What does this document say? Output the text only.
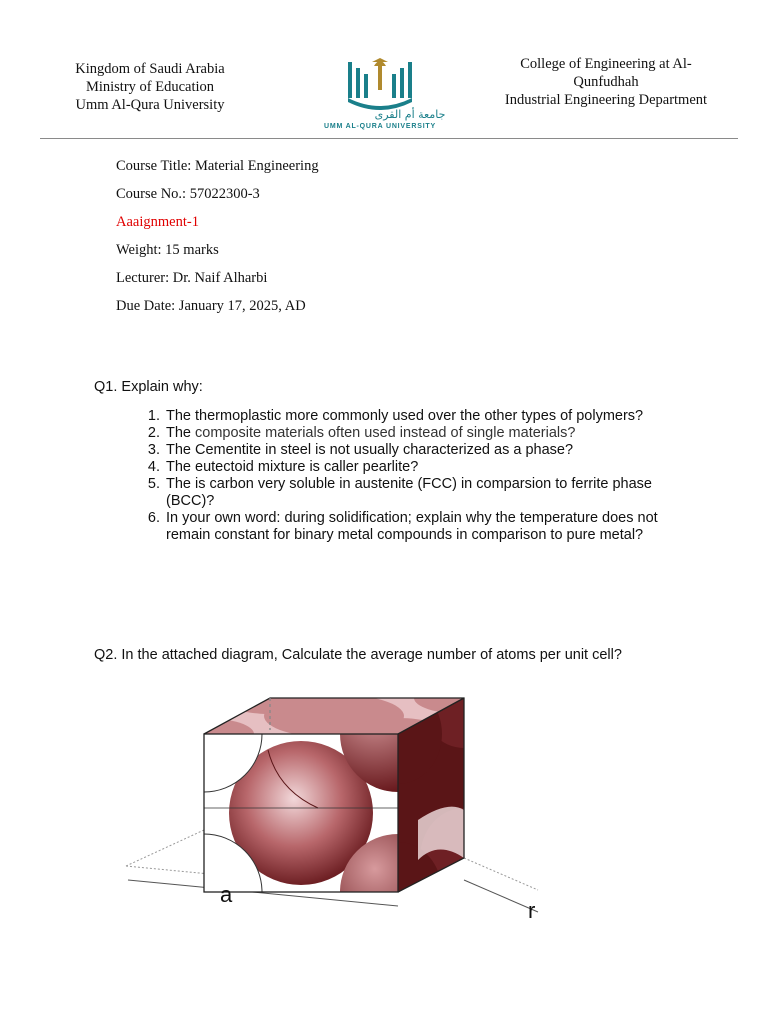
Kingdom of Saudi Arabia
Ministry of Education
Umm Al-Qura University
جامعة أم القرى
UMM AL-QURA UNIVERSITY
College of Engineering at Al-
Qunfudhah
Industrial Engineering Department
Course Title: Material Engineering
Course No.: 57022300-3
Aaaignment-1
Weight: 15 marks
Lecturer: Dr. Naif Alharbi
Due Date: January 17, 2025, AD
Q1. Explain why:
1. The thermoplastic more commonly used over the other types of polymers?
2. The composite materials often used instead of single materials?
3. The Cementite in steel is not usually characterized as a phase?
4. The eutectoid mixture is caller pearlite?
5. The is carbon very soluble in austenite (FCC) in comparsion to ferrite phase (BCC)?
6. In your own word: during solidification; explain why the temperature does not remain constant for binary metal compounds in comparison to pure metal?
Q2. In the attached diagram, Calculate the average number of atoms per unit cell?
a
r
